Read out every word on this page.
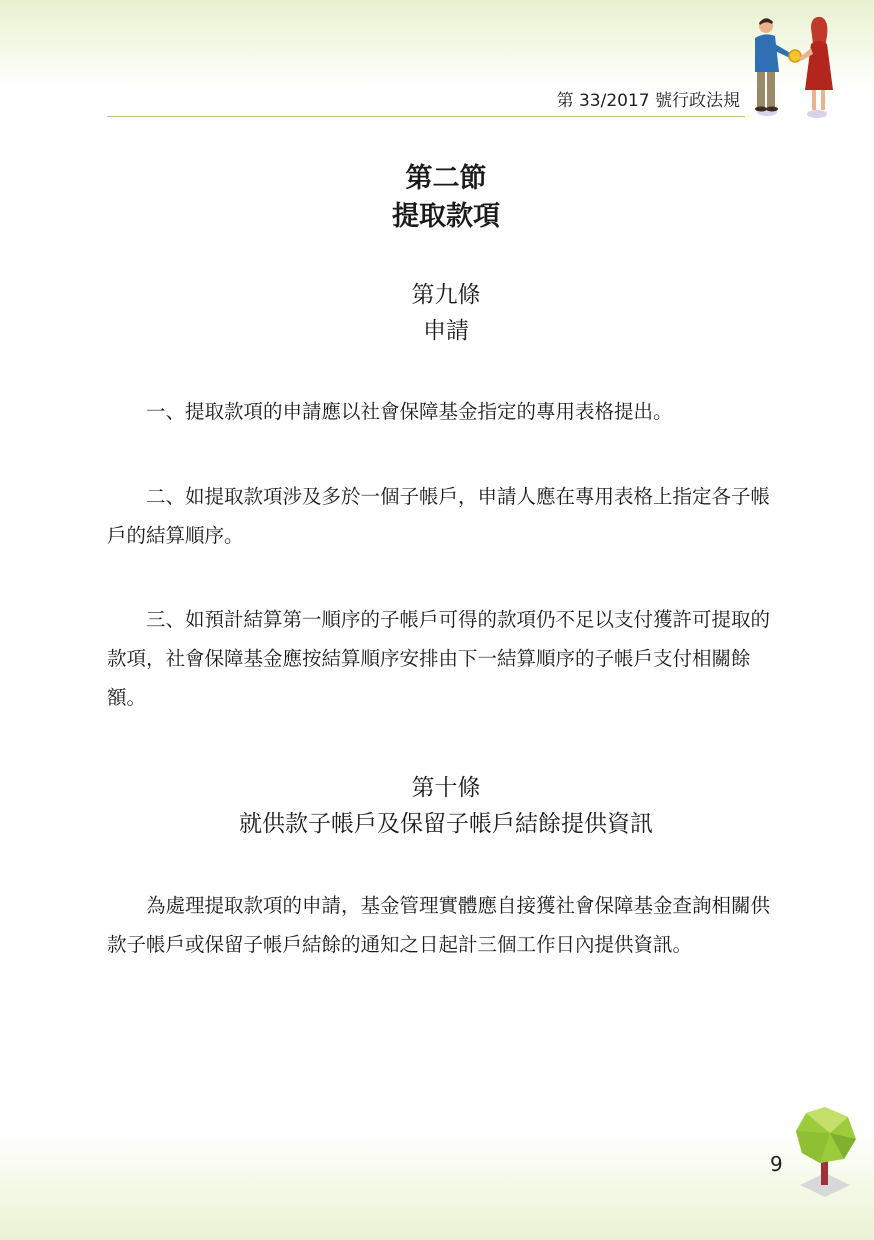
第 33/2017 號行政法規
第二節
提取款項
第九條
申請

一、提取款項的申請應以社會保障基金指定的專用表格提出。

二、如提取款項涉及多於一個子帳戶，申請人應在專用表格上指定各子帳戶的結算順序。

三、如預計結算第一順序的子帳戶可得的款項仍不足以支付獲許可提取的款項，社會保障基金應按結算順序安排由下一結算順序的子帳戶支付相關餘額。

第十條
就供款子帳戶及保留子帳戶結餘提供資訊

為處理提取款項的申請，基金管理實體應自接獲社會保障基金查詢相關供款子帳戶或保留子帳戶結餘的通知之日起計三個工作日內提供資訊。

9
